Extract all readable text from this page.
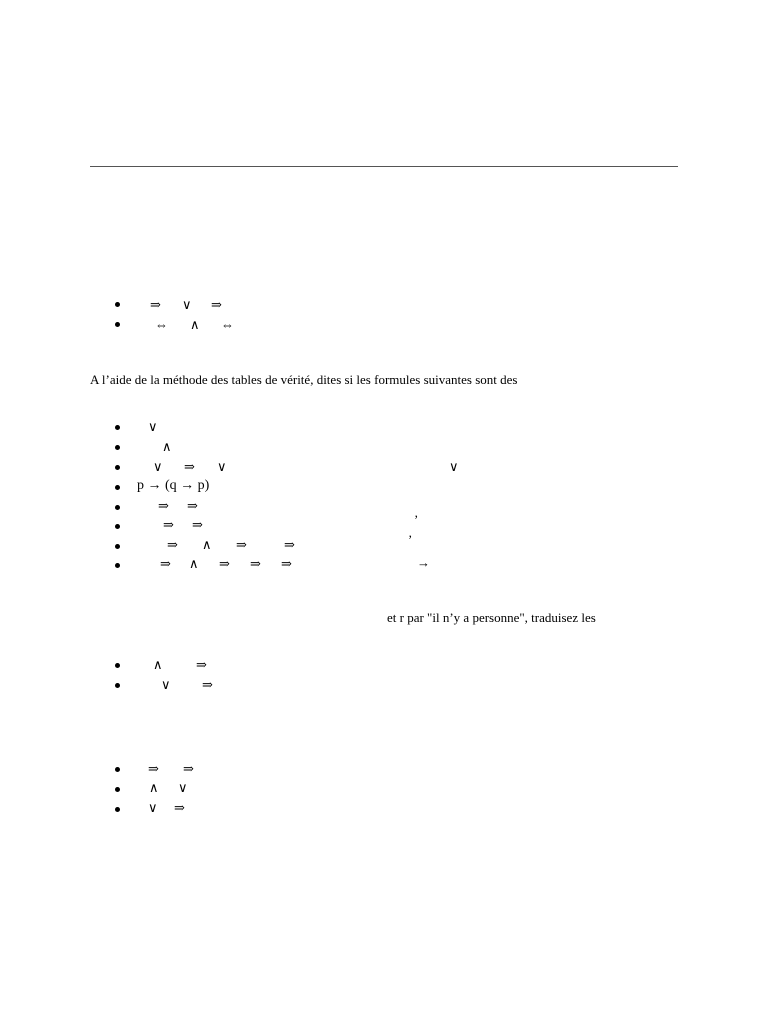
⇒ ∨ ⇒
⇔ ∧ ⇔

A l’aide de la méthode des tables de vérité, dites si les formules suivantes sont des

∨
∧
∨ ⇒ ∨	∨
p → (q → p)
⇒ ⇒
⇒ ⇒	’
⇒ ∧ ⇒	⇒	’
⇒ ∧ ⇒ ⇒ ⇒	→

et r par "il n’y a personne", traduisez les

∧	⇒
∨ ⇒
⇒ ⇒
∧ ∨
∨ ⇒
